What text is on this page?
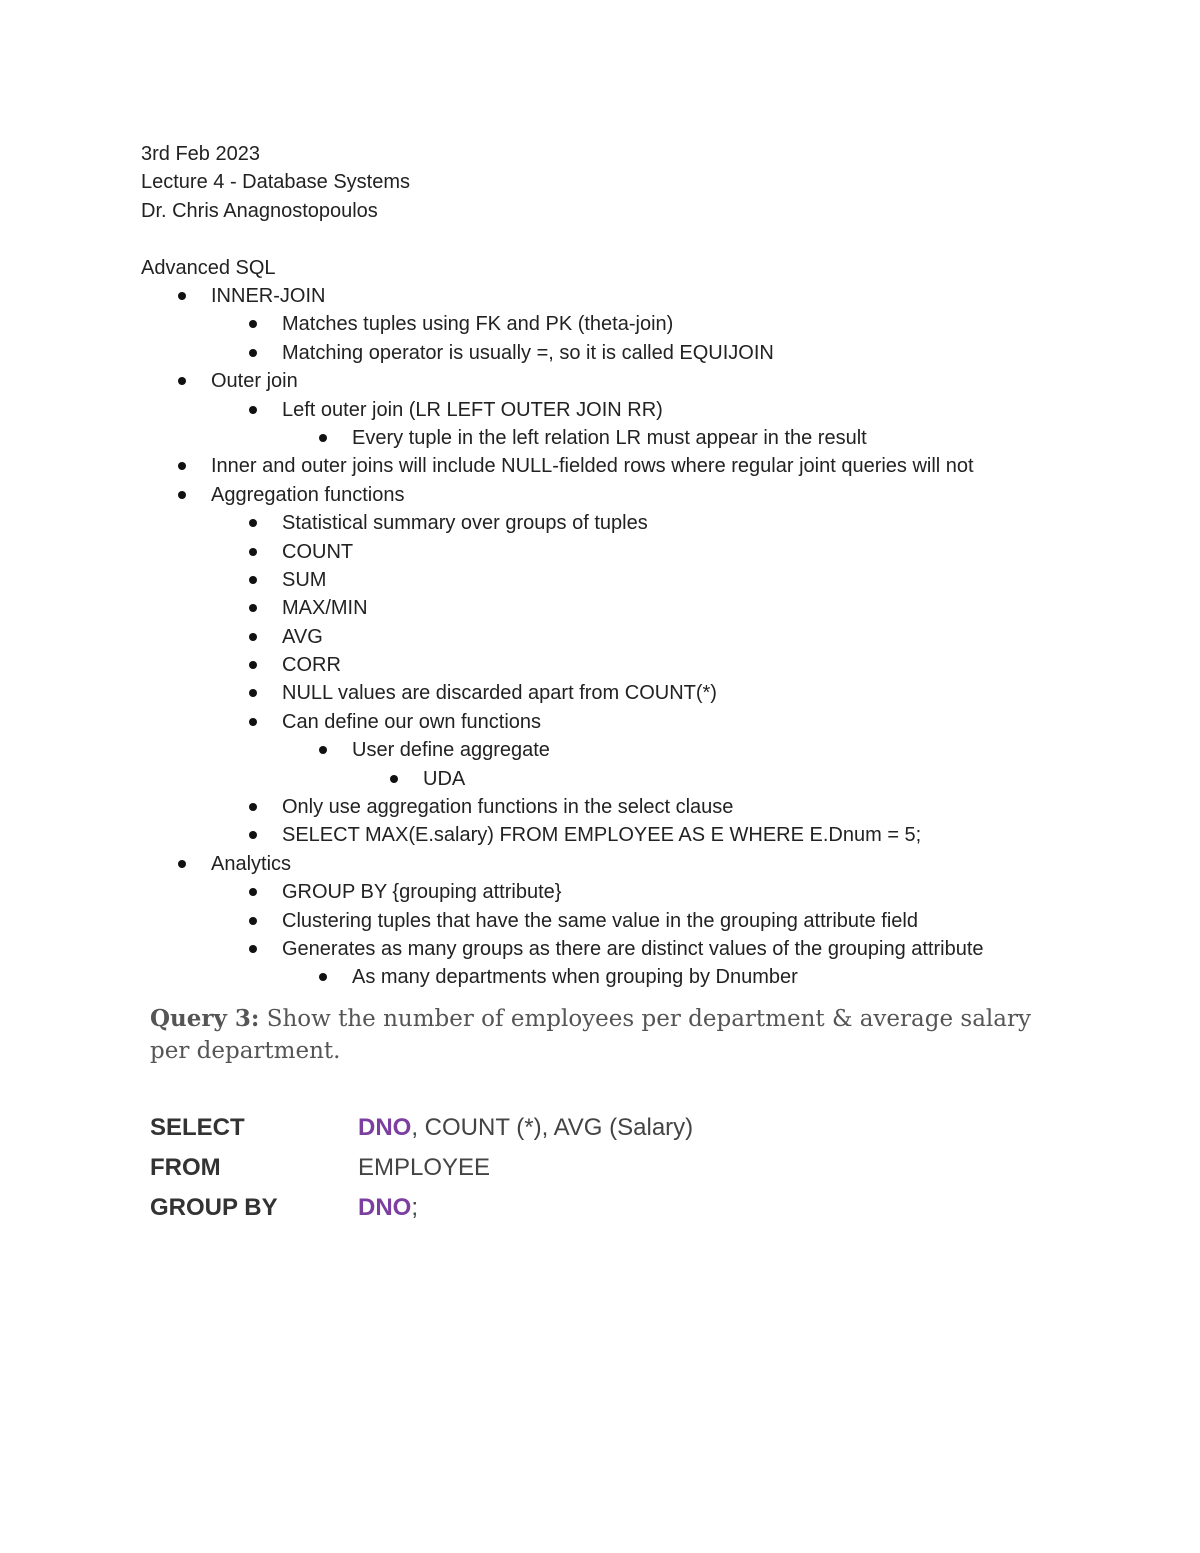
3rd Feb 2023
Lecture 4 - Database Systems
Dr. Chris Anagnostopoulos
Advanced SQL
INNER-JOIN
Matches tuples using FK and PK (theta-join)
Matching operator is usually =, so it is called EQUIJOIN
Outer join
Left outer join (LR LEFT OUTER JOIN RR)
Every tuple in the left relation LR must appear in the result
Inner and outer joins will include NULL-fielded rows where regular joint queries will not
Aggregation functions
Statistical summary over groups of tuples
COUNT
SUM
MAX/MIN
AVG
CORR
NULL values are discarded apart from COUNT(*)
Can define our own functions
User define aggregate
UDA
Only use aggregation functions in the select clause
SELECT MAX(E.salary) FROM EMPLOYEE AS E WHERE E.Dnum = 5;
Analytics
GROUP BY {grouping attribute}
Clustering tuples that have the same value in the grouping attribute field
Generates as many groups as there are distinct values of the grouping attribute
As many departments when grouping by Dnumber
Query 3: Show the number of employees per department & average salary per department.
SELECT	DNO, COUNT (*), AVG (Salary)
FROM	EMPLOYEE
GROUP BY	DNO;
